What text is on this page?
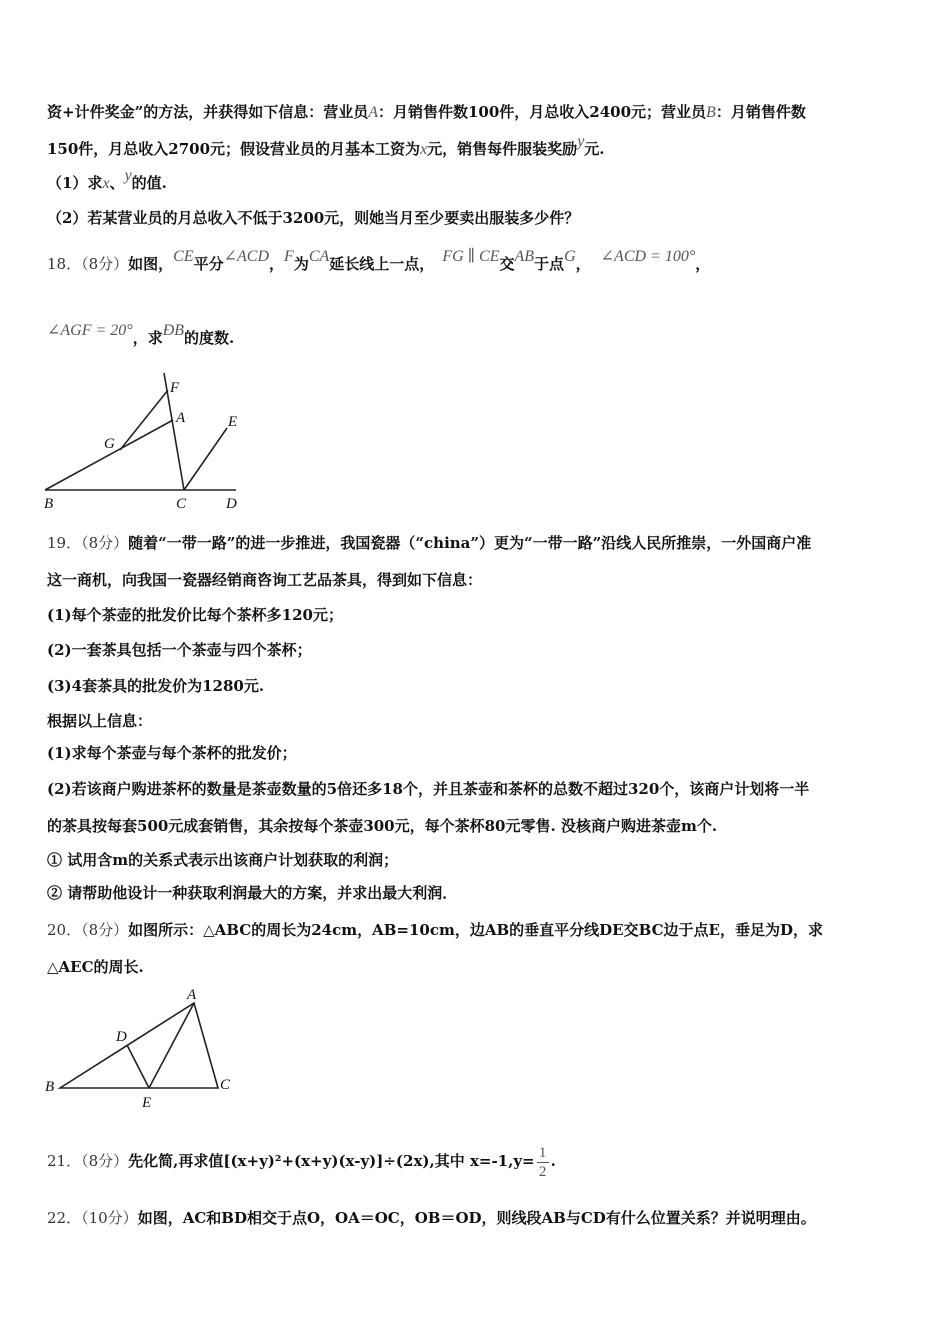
资+计件奖金”的方法，并获得如下信息：营业员A：月销售件数100件，月总收入2400元；营业员B：月销售件数
150件，月总收入2700元；假设营业员的月基本工资为x元，销售每件服装奖励y元.
（1）求x、y的值.
（2）若某营业员的月总收入不低于3200元，则她当月至少要卖出服装多少件？
18．（8分）如图，CE平分∠ACD，F为CA延长线上一点， FG ∥ CE交AB于点G， ∠ACD = 100°，
∠AGF = 20°，求ÐB的度数.
F
A
G
E
B	C	D
19．（8分）随着“一带一路”的进一步推进，我国瓷器（“china”）更为“一带一路”沿线人民所推崇，一外国商户准
这一商机，向我国一瓷器经销商咨询工艺品茶具，得到如下信息：
(1)每个茶壶的批发价比每个茶杯多120元；
(2)一套茶具包括一个茶壶与四个茶杯；
(3)4套茶具的批发价为1280元.
根据以上信息：
(1)求每个茶壶与每个茶杯的批发价；
(2)若该商户购进茶杯的数量是茶壶数量的5倍还多18个，并且茶壶和茶杯的总数不超过320个，该商户计划将一半
的茶具按每套500元成套销售，其余按每个茶壶300元，每个茶杯80元零售. 没核商户购进茶壶m个.
① 试用含m的关系式表示出该商户计划获取的利润；
② 请帮助他设计一种获取利润最大的方案，并求出最大利润．
20．（8分）如图所示：△ABC的周长为24cm，AB=10cm，边AB的垂直平分线DE交BC边于点E，垂足为D，求
△AEC的周长.
A
D
B
E
C
21．（8分）先化简,再求值[(x+y)²+(x+y)(x-y)]÷(2x),其中 $x=-1,y= \frac{1}{2}$ .
22．（10分）如图，AC和BD相交于点O，OA＝OC，OB＝OD，则线段AB与CD有什么位置关系？并说明理由。
